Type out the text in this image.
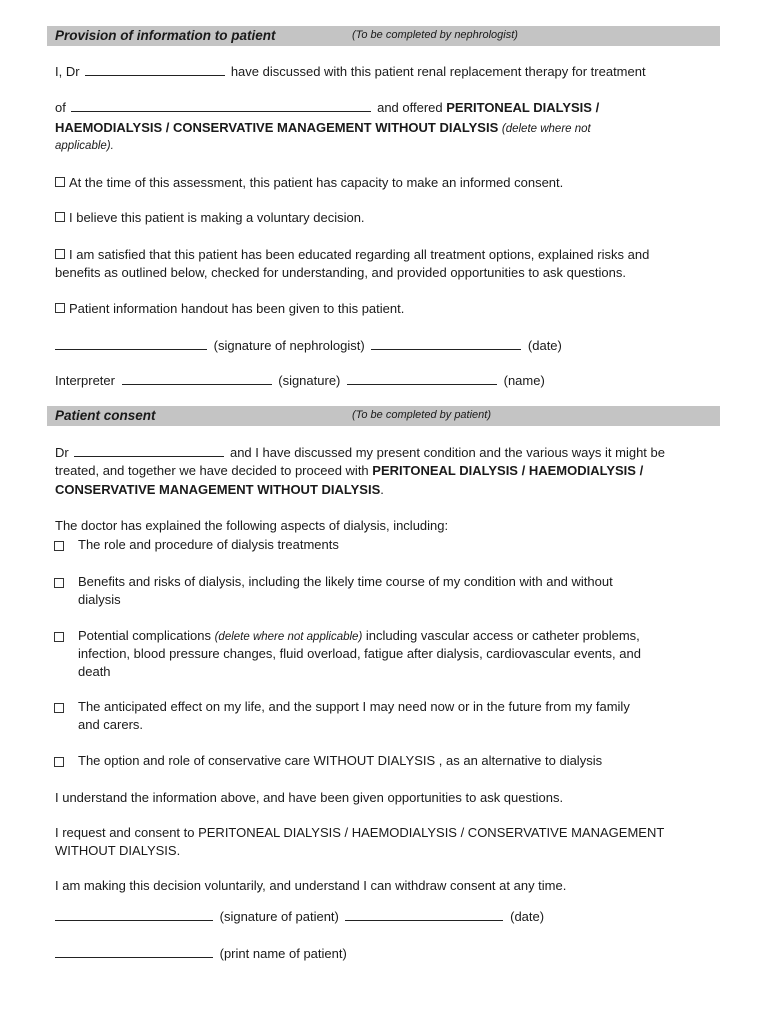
Provision of information to patient	(To be completed by nephrologist)
I, Dr	have discussed with this patient renal replacement therapy for treatment
of	and offered PERITONEAL DIALYSIS /
HAEMODIALYSIS / CONSERVATIVE MANAGEMENT WITHOUT DIALYSIS (delete where not
applicable).
At the time of this assessment, this patient has capacity to make an informed consent.
I believe this patient is making a voluntary decision.
I am satisfied that this patient has been educated regarding all treatment options, explained risks and
benefits as outlined below, checked for understanding, and provided opportunities to ask questions.
Patient information handout has been given to this patient.
(signature of nephrologist)	(date)
Interpreter	(signature)	(name)
Patient consent	(To be completed by patient)
Dr	and I have discussed my present condition and the various ways it might be
treated, and together we have decided to proceed with PERITONEAL DIALYSIS / HAEMODIALYSIS /
CONSERVATIVE MANAGEMENT WITHOUT DIALYSIS.
The doctor has explained the following aspects of dialysis, including:
The role and procedure of dialysis treatments
Benefits and risks of dialysis, including the likely time course of my condition with and without
dialysis
Potential complications (delete where not applicable) including vascular access or catheter problems,
infection, blood pressure changes, fluid overload, fatigue after dialysis, cardiovascular events, and
death
The anticipated effect on my life, and the support I may need now or in the future from my family
and carers.
The option and role of conservative care WITHOUT DIALYSIS , as an alternative to dialysis
I understand the information above, and have been given opportunities to ask questions.
I request and consent to PERITONEAL DIALYSIS / HAEMODIALYSIS / CONSERVATIVE MANAGEMENT
WITHOUT DIALYSIS.
I am making this decision voluntarily, and understand I can withdraw consent at any time.
(signature of patient)	(date)
(print name of patient)
